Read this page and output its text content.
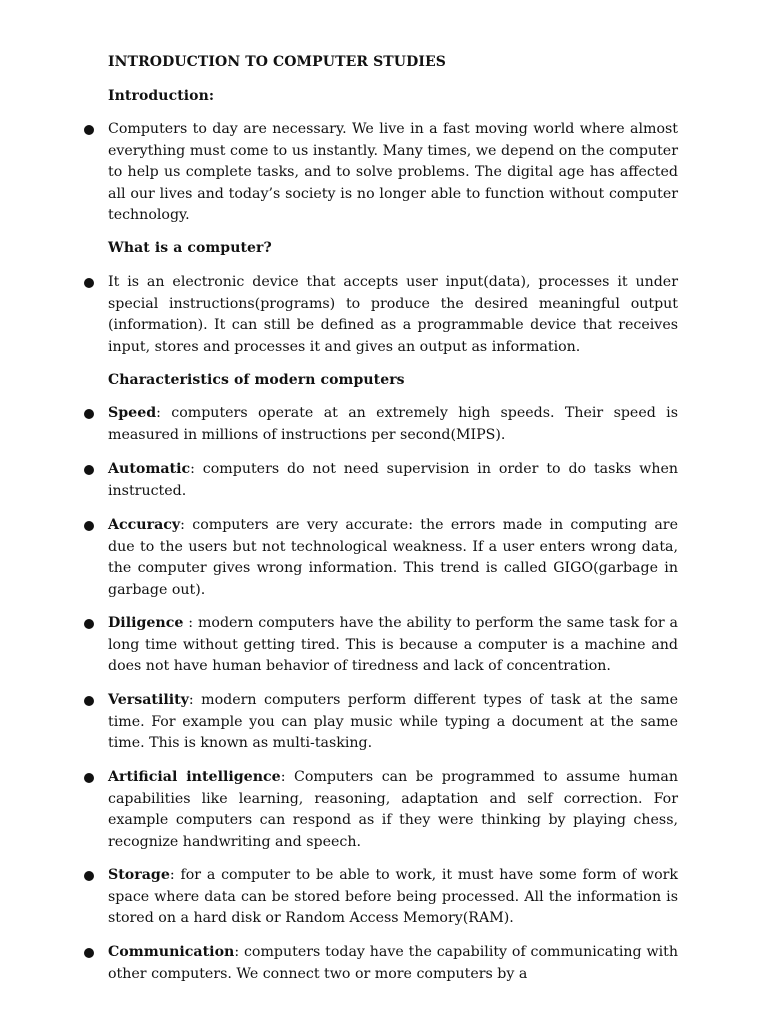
INTRODUCTION TO COMPUTER STUDIES
Introduction:
Computers to day are necessary. We live in a fast moving world where almost everything must come to us instantly. Many times, we depend on the computer to help us complete tasks, and to solve problems. The digital age has affected all our lives and today’s society is no longer able to function without computer technology.
What is a computer?
It is an electronic device that accepts user input(data), processes it under special instructions(programs) to produce the desired meaningful output (information). It can still be defined as a programmable device that receives input, stores and processes it and gives an output as information.
Characteristics of modern computers
Speed: computers operate at an extremely high speeds. Their speed is measured in millions of instructions per second(MIPS).
Automatic: computers do not need supervision in order to do tasks when instructed.
Accuracy: computers are very accurate: the errors made in computing are due to the users but not technological weakness. If a user enters wrong data, the computer gives wrong information. This trend is called GIGO(garbage in garbage out).
Diligence : modern computers have the ability to perform the same task for a long time without getting tired. This is because a computer is a machine and does not have human behavior of tiredness and lack of concentration.
Versatility: modern computers perform different types of task at the same time. For example you can play music while typing a document at the same time. This is known as multi-tasking.
Artificial intelligence: Computers can be programmed to assume human capabilities like learning, reasoning, adaptation and self correction. For example computers can respond as if they were thinking by playing chess, recognize handwriting and speech.
Storage: for a computer to be able to work, it must have some form of work space where data can be stored before being processed. All the information is stored on a hard disk or Random Access Memory(RAM).
Communication: computers today have the capability of communicating with other computers. We connect two or more computers by a
